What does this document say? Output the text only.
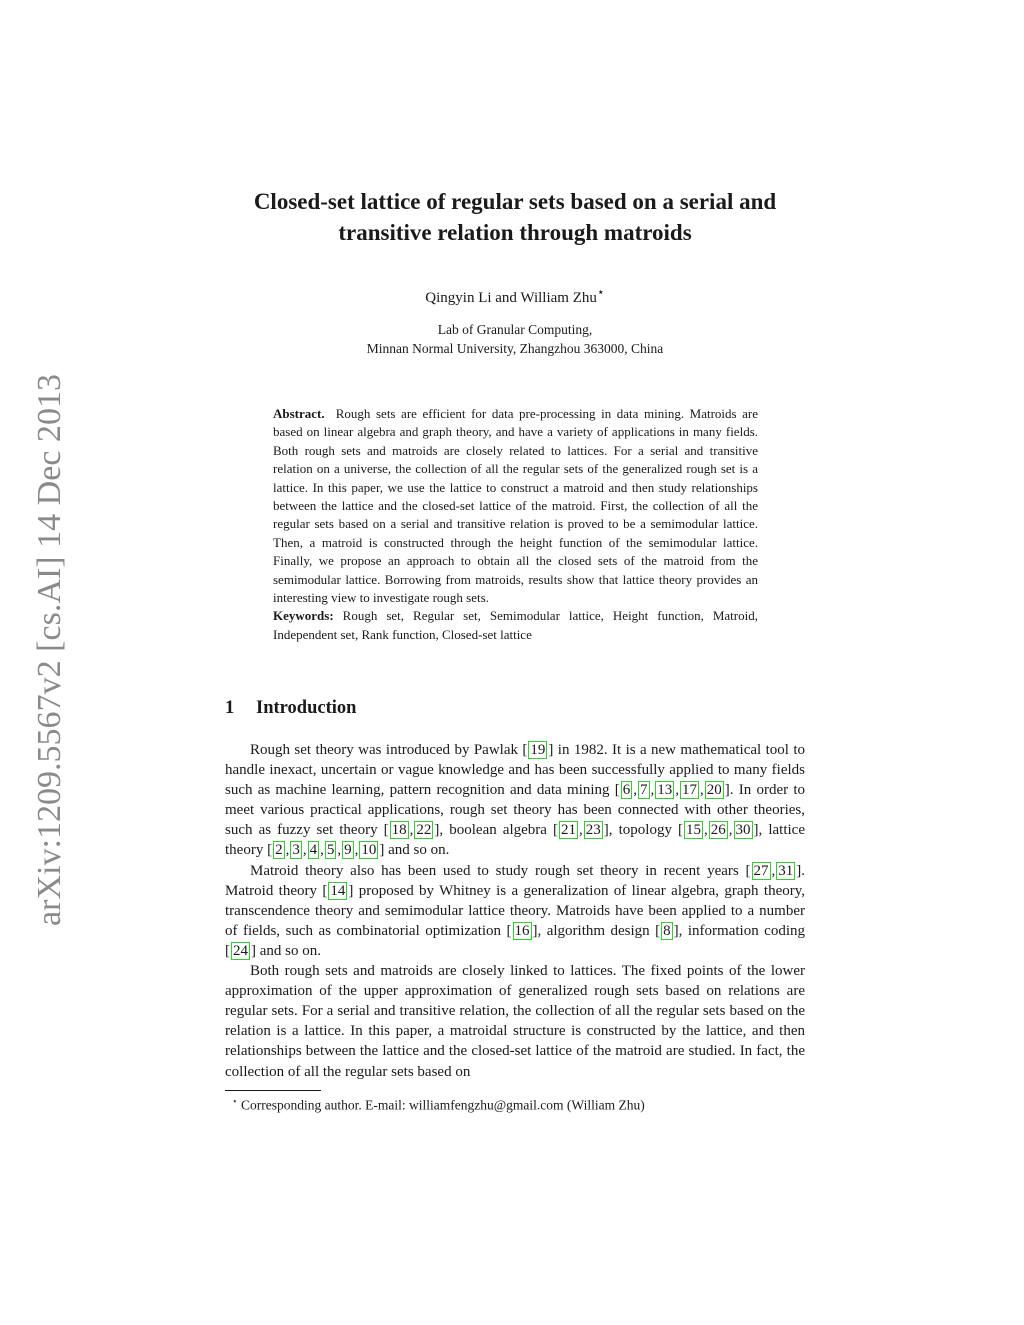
arXiv:1209.5567v2 [cs.AI] 14 Dec 2013
Closed-set lattice of regular sets based on a serial and
transitive relation through matroids
Qingyin Li and William Zhu⋆
Lab of Granular Computing,
Minnan Normal University, Zhangzhou 363000, China

Abstract. Rough sets are efficient for data pre-processing in data mining. Matroids are based on linear algebra and graph theory, and have a variety of applications in many fields. Both rough sets and matroids are closely related to lattices. For a serial and transitive relation on a universe, the collection of all the regular sets of the generalized rough set is a lattice. In this paper, we use the lattice to construct a matroid and then study relationships between the lattice and the closed-set lattice of the matroid. First, the collection of all the regular sets based on a serial and transitive relation is proved to be a semimodular lattice. Then, a matroid is constructed through the height function of the semimodular lattice. Finally, we propose an approach to obtain all the closed sets of the matroid from the semimodular lattice. Borrowing from matroids, results show that lattice theory provides an interesting view to investigate rough sets.

Keywords: Rough set, Regular set, Semimodular lattice, Height function, Matroid, Independent set, Rank function, Closed-set lattice

1 Introduction

Rough set theory was introduced by Pawlak [ 19 ] in 1982. It is a new mathematical tool to handle inexact, uncertain or vague knowledge and has been successfully applied to many fields such as machine learning, pattern recognition and data mining [ 6 , 7 , 13 , 17 , 20 ]. In order to meet various practical applications, rough set theory has been connected with other theories, such as fuzzy set theory [ 18 , 22 ], boolean algebra [ 21 , 23 ], topology [ 15 , 26 , 30 ], lattice theory [ 2 , 3 , 4 , 5 , 9 , 10 ] and so on.

Matroid theory also has been used to study rough set theory in recent years [ 27 , 31 ]. Matroid theory [ 14 ] proposed by Whitney is a generalization of linear algebra, graph theory, transcendence theory and semimodular lattice theory. Matroids have been applied to a number of fields, such as combinatorial optimization [ 16 ], algorithm design [ 8 ], information coding [ 24 ] and so on.

Both rough sets and matroids are closely linked to lattices. The fixed points of the lower approximation of the upper approximation of generalized rough sets based on relations are regular sets. For a serial and transitive relation, the collection of all the regular sets based on the relation is a lattice. In this paper, a matroidal structure is constructed by the lattice, and then relationships between the lattice and the closed-set lattice of the matroid are studied. In fact, the collection of all the regular sets based on

⋆ Corresponding author. E-mail: williamfengzhu@gmail.com (William Zhu)
